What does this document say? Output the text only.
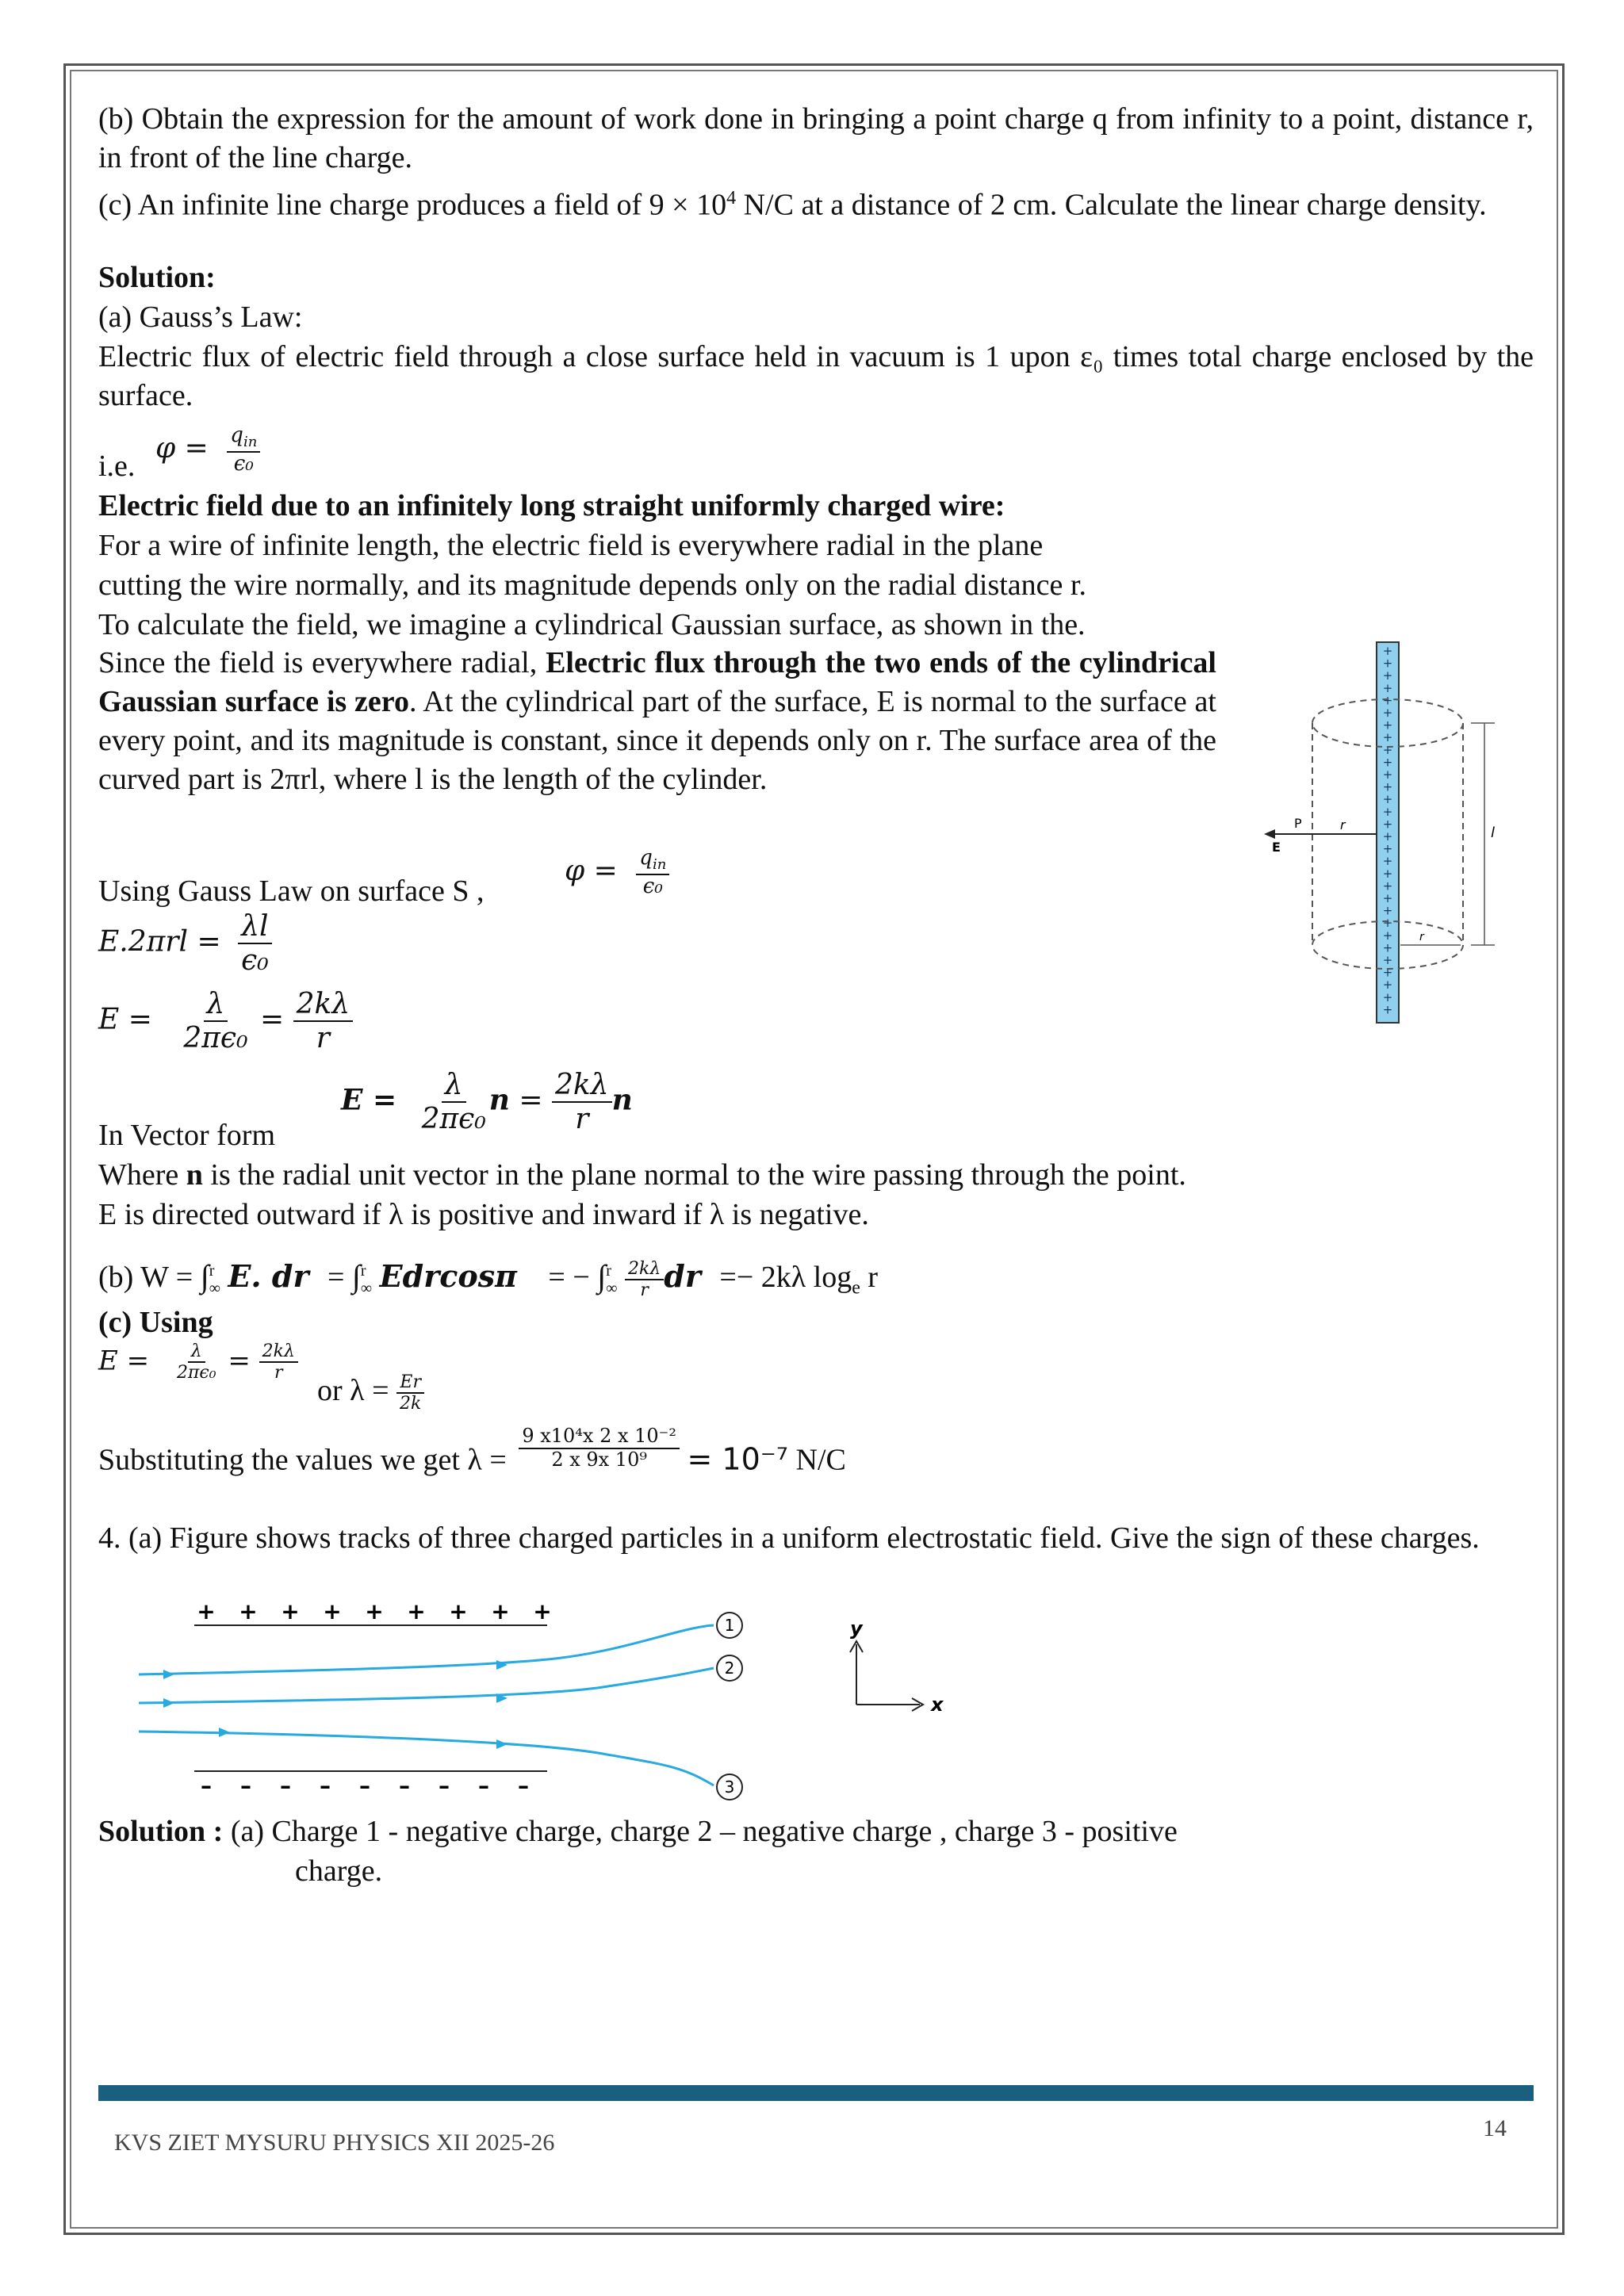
(b) Obtain the expression for the amount of work done in bringing a point charge q from infinity to a point, distance r, in front of the line charge.
(c) An infinite line charge produces a field of $9 \times 10^4$ N/C at a distance of 2 cm. Calculate the linear charge density.
Solution:
(a) Gauss’s Law:
Electric flux of electric field through a close surface held in vacuum is 1 upon ε₀ times total charge enclosed by the surface.
i.e.
$\varphi = \frac{q_{in}}{\text{ϵ₀}}$
Electric field due to an infinitely long straight uniformly charged wire:
For a wire of infinite length, the electric field is everywhere radial in the plane
cutting the wire normally, and its magnitude depends only on the radial distance r.
To calculate the field, we imagine a cylindrical Gaussian surface, as shown in the.
Since the field is everywhere radial, Electric flux through the two ends of the cylindrical Gaussian surface is zero. At the cylindrical part of the surface, E is normal to the surface at every point, and its magnitude is constant, since it depends only on r. The surface area of the curved part is 2πrl, where l is the length of the cylinder.
Using Gauss Law on surface S ,
$\varphi = \frac{q_{in}}{\text{ϵ₀}}$
$E.2\pi rl = \frac{\lambda l}{\text{ϵ₀}}$
$E = \frac{\lambda}{\text{2πϵ₀}} = \frac{2k\lambda}{r}$
In Vector form
$E = \frac{\lambda}{\text{2πϵ₀}}$ $n = \frac{2k\lambda}{r}$ n
Where n is the radial unit vector in the plane normal to the wire passing through the point.
E is directed outward if λ is positive and inward if λ is negative.
(b) W = ∫ r
∞ E. dr = ∫ r
∞ Edrcosπ = − ∫ r
∞
$\frac{2k\lambda}{r}$ dr =− 2kλ $\log_e r$
(c) Using
$E = \frac{\lambda}{\text{2πϵ₀}} = \frac{2k\lambda}{r}$
or $\lambda = \frac{Er}{2k}$
Substituting the values we get $\lambda = \frac{\text{9 x10⁴x 2 x 10⁻²}}{\text{2 x 9x 10⁹}} = 10^{-7}$ N/C
4. (a) Figure shows tracks of three charged particles in a uniform electrostatic field. Give the sign of these charges.
Solution : (a) Charge 1 - negative charge, charge 2 – negative charge , charge 3 - positive
charge.
+
+
+
+
+
+
+
+
+
+
+
+
+
+
+
+
+
+
+
+
+
+
+
+
+
+
+
+
+
+
P
E
r
r
l
+ + + + + + + + +
– – – – – – – – –
1
2
3
y
x
KVS ZIET MYSURU PHYSICS XII 2025-26
14
